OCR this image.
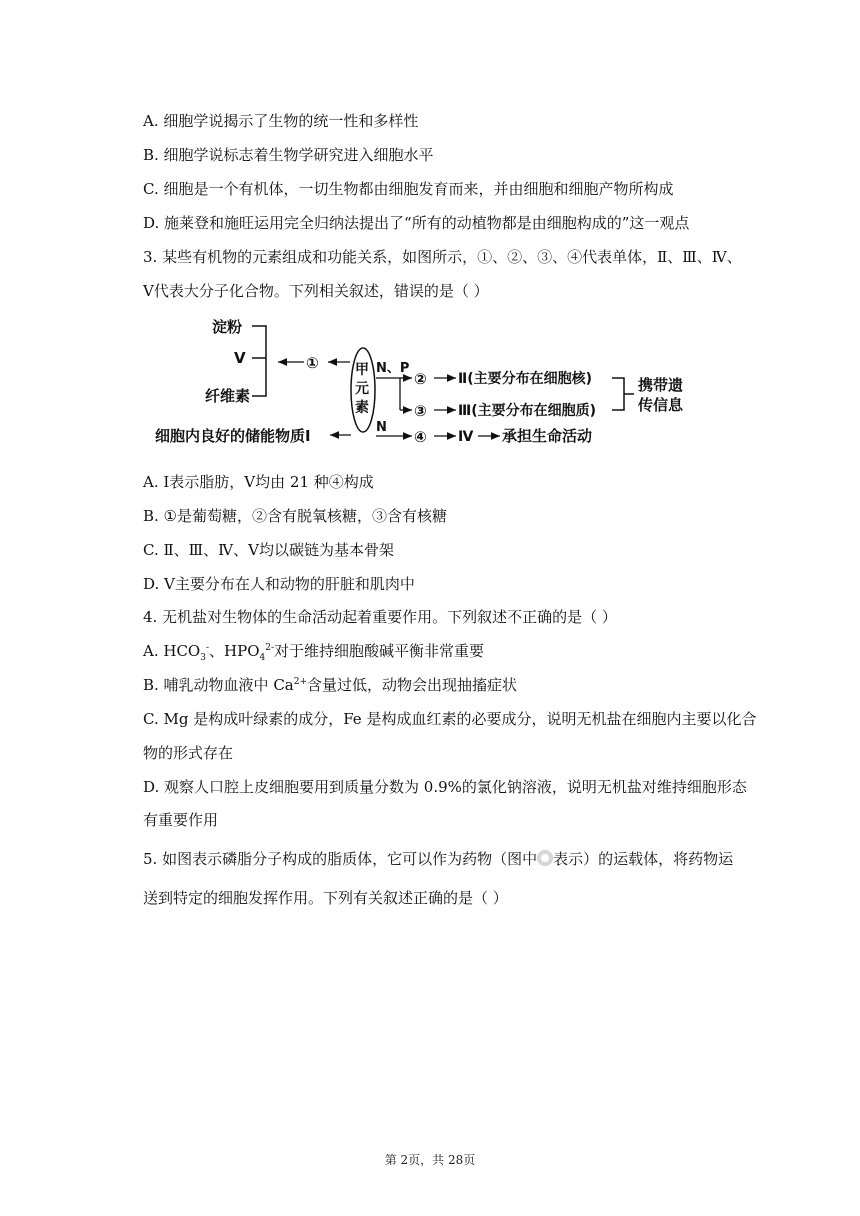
A. 细胞学说揭示了生物的统一性和多样性
B. 细胞学说标志着生物学研究进入细胞水平
C. 细胞是一个有机体，一切生物都由细胞发育而来，并由细胞和细胞产物所构成
D. 施莱登和施旺运用完全归纳法提出了“所有的动植物都是由细胞构成的”这一观点
3. 某些有机物的元素组成和功能关系，如图所示，①、②、③、④代表单体，Ⅱ、Ⅲ、Ⅳ、
Ⅴ代表大分子化合物。下列相关叙述，错误的是（ ）
淀粉
Ⅴ
纤维素
①	甲
元
素
N、P
②
③
Ⅱ(主要分布在细胞核)
Ⅲ(主要分布在细胞质)
携带遗
传信息
细胞内良好的储能物质Ⅰ	N
④ Ⅳ 承担生命活动
A. Ⅰ表示脂肪，Ⅴ均由 21 种④构成
B. ①是葡萄糖，②含有脱氧核糖，③含有核糖
C. Ⅱ、Ⅲ、Ⅳ、Ⅴ均以碳链为基本骨架
D. Ⅴ主要分布在人和动物的肝脏和肌肉中
4. 无机盐对生物体的生命活动起着重要作用。下列叙述不正确的是（ ）
A. $HCO_3^-$、$HPO_4^{2-}$对于维持细胞酸碱平衡非常重要
B. 哺乳动物血液中 $Ca^{2+}$含量过低，动物会出现抽搐症状
C. Mg 是构成叶绿素的成分，Fe 是构成血红素的必要成分，说明无机盐在细胞内主要以化合
物的形式存在
D. 观察人口腔上皮细胞要用到质量分数为 0.9%的氯化钠溶液，说明无机盐对维持细胞形态
有重要作用
5. 如图表示磷脂分子构成的脂质体，它可以作为药物（图中 表示）的运载体，将药物运
送到特定的细胞发挥作用。下列有关叙述正确的是（ ）
第 2页，共 28页
